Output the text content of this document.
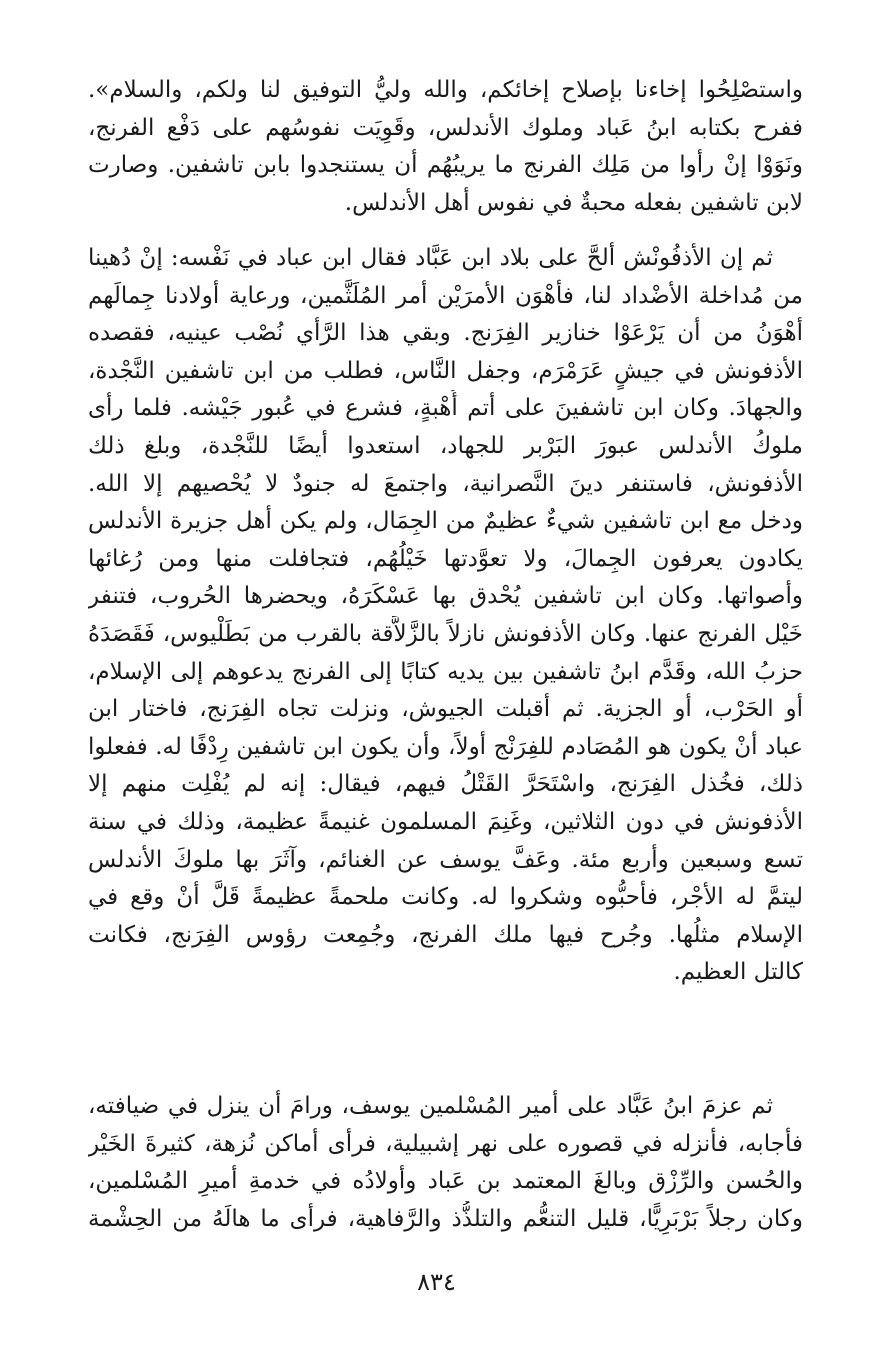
واستصْلِحُوا إخاءنا بإصلاح إخائكم، والله وليُّ التوفيق لنا ولكم، والسلام».
ففرح بكتابه ابنُ عَباد وملوك الأندلس، وقَوِيَت نفوسُهم على دَفْع الفرنج،
ونَوَوْا إنْ رأوا من مَلِك الفرنج ما يريبُهُم أن يستنجدوا بابن تاشفين. وصارت
لابن تاشفين بفعله محبةٌ في نفوس أهل الأندلس.
ثم إن الأذفُونْش ألحَّ على بلاد ابن عَبَّاد فقال ابن عباد في نَفْسه: إنْ دُهينا
من مُداخلة الأضْداد لنا، فأهْوَن الأمرَيْن أمر المُلَثَّمين، ورعاية أولادنا جِمالَهم
أهْوَنُ من أن يَرْعَوْا خنازير الفِرَنج. وبقي هذا الرَّأي نُصْب عينيه، فقصده
الأذفونش في جيشٍ عَرَمْرَم، وجفل النَّاس، فطلب من ابن تاشفين النَّجْدة،
والجهادَ. وكان ابن تاشفينَ على أتم أُهْبةٍ، فشرع في عُبور جَيْشه. فلما رأى
ملوكُ الأندلس عبورَ البَرْبر للجهاد، استعدوا أيضًا للنَّجْدة، وبلغ ذلك
الأذفونش، فاستنفر دينَ النَّصرانية، واجتمعَ له جنودٌ لا يُحْصيهم إلا الله.
ودخل مع ابن تاشفين شيءٌ عظيمٌ من الجِمَال، ولم يكن أهل جزيرة الأندلس
يكادون يعرفون الجِمالَ، ولا تعوَّدتها خَيْلُهُم، فتجافلت منها ومن رُغائها
وأصواتها. وكان ابن تاشفين يُحْدق بها عَسْكَرَهُ، ويحضرها الحُروب، فتنفر
خَيْل الفرنج عنها. وكان الأذفونش نازلاً بالزَّلاَّقة بالقرب من بَطَلْيوس، فَقَصَدَهُ
حزبُ الله، وقَدَّم ابنُ تاشفين بين يديه كتابًا إلى الفرنج يدعوهم إلى الإسلام،
أو الحَرْب، أو الجزية. ثم أقبلت الجيوش، ونزلت تجاه الفِرَنج، فاختار ابن
عباد أنْ يكون هو المُصَادم للفِرَنْج أولاً، وأن يكون ابن تاشفين رِدْفًا له. ففعلوا
ذلك، فخُذل الفِرَنج، واسْتَحَرَّ القَتْلُ فيهم، فيقال: إنه لم يُفْلِت منهم إلا
الأذفونش في دون الثلاثين، وغَنِمَ المسلمون غنيمةً عظيمة، وذلك في سنة
تسع وسبعين وأربع مئة. وعَفَّ يوسف عن الغنائم، وآثَرَ بها ملوكَ الأندلس
ليتمَّ له الأجْر، فأحبُّوه وشكروا له. وكانت ملحمةً عظيمةً قَلَّ أنْ وقع في
الإسلام مثلُها. وجُرح فيها ملك الفرنج، وجُمِعت رؤوس الفِرَنج، فكانت
كالتل العظيم.
ثم عزمَ ابنُ عَبَّاد على أمير المُسْلمين يوسف، ورامَ أن ينزل في ضيافته،
فأجابه، فأنزله في قصوره على نهر إشبيلية، فرأى أماكن نُزهة، كثيرةَ الخَيْر
والحُسن والرِّزْق وبالغَ المعتمد بن عَباد وأولادُه في خدمةِ أميرِ المُسْلمين،
وكان رجلاً بَرْبَرِيًّا، قليل التنعُّم والتلذُّذ والرَّفاهية، فرأى ما هالَهُ من الحِشْمة
٨٣٤
